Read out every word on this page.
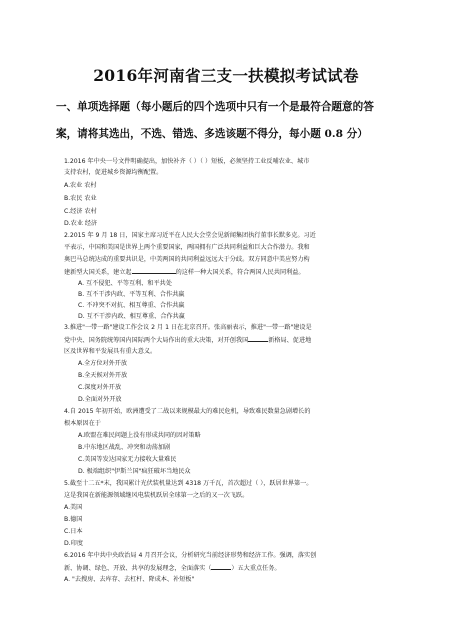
2016年河南省三支一扶模拟考试试卷
一、单项选择题（每小题后的四个选项中只有一个是最符合题意的答
案，请将其选出，不选、错选、多选该题不得分，每小题 0.8 分）
1.2016 年中央一号文件明确提出，加快补齐（ ）（ ）短板，必须坚持工业反哺农业、城市
支持农村，促进城乡资源均衡配置。
A.农业 农村
B.农民 农业
C.经济 农村
D.农业 经济
2.2015 年 9 月 18 日，国家主席习近平在人民大会堂会见新闻集团执行董事长默多克。习近
平表示，中国和美国是世界上两个重要国家，两国拥有广泛共同利益和巨大合作潜力。我和
奥巴马总统达成的重要共识是，中美两国的共同利益远远大于分歧。双方同意中美应努力构
建新型大国关系，建立起	的这样一种大国关系，符合两国人民共同利益。
A. 互不侵犯、平等互利、和平共处
B. 互不干涉内政、平等互利、合作共赢
C. 不冲突不对抗、相互尊重、合作共赢
D. 互不干涉内政、相互尊重、合作共赢
3.推进"一带一路"建设工作会议 2 月 1 日在北京召开。张高丽表示，推进"一带一路"建设是
党中央、国务院统筹国内国际两个大局作出的重大决策，对开创我国	新格局、促进地
区及世界和平发展具有重大意义。
A.全方位对外开放
B.全天候对外开放
C.深度对外开放
D.全面对外开放
4.自 2015 年初开始，欧洲遭受了二战以来规模最大的难民危机，导致难民数量急剧增长的
根本原因在于
A.欧盟在难民问题上没有形成共同的因对策略
B.中东地区战乱、冲突和动荡加剧
C.美国等发达国家无力接收大量难民
D. 极端组织"伊斯兰国"疯狂破坏当地民众
5.截至十二五*末，我国累计光伏装机量达到 4318 万千瓦，首次超过（ ），跃居世界第一。
这是我国在新能源领域继风电装机跃居全球第一之后的又一次飞跃。
A.美国
B.德国
C.日本
D.印度
6.2016 年中共中央政治局 4 月召开会议，分析研究当前经济形势和经济工作。强调，落实创
新、协调、绿色、开放、共享的发展理念，全面落实（	）五大重点任务。
A. "去搜房、去库存、去杠杆、降成本、补短板"
